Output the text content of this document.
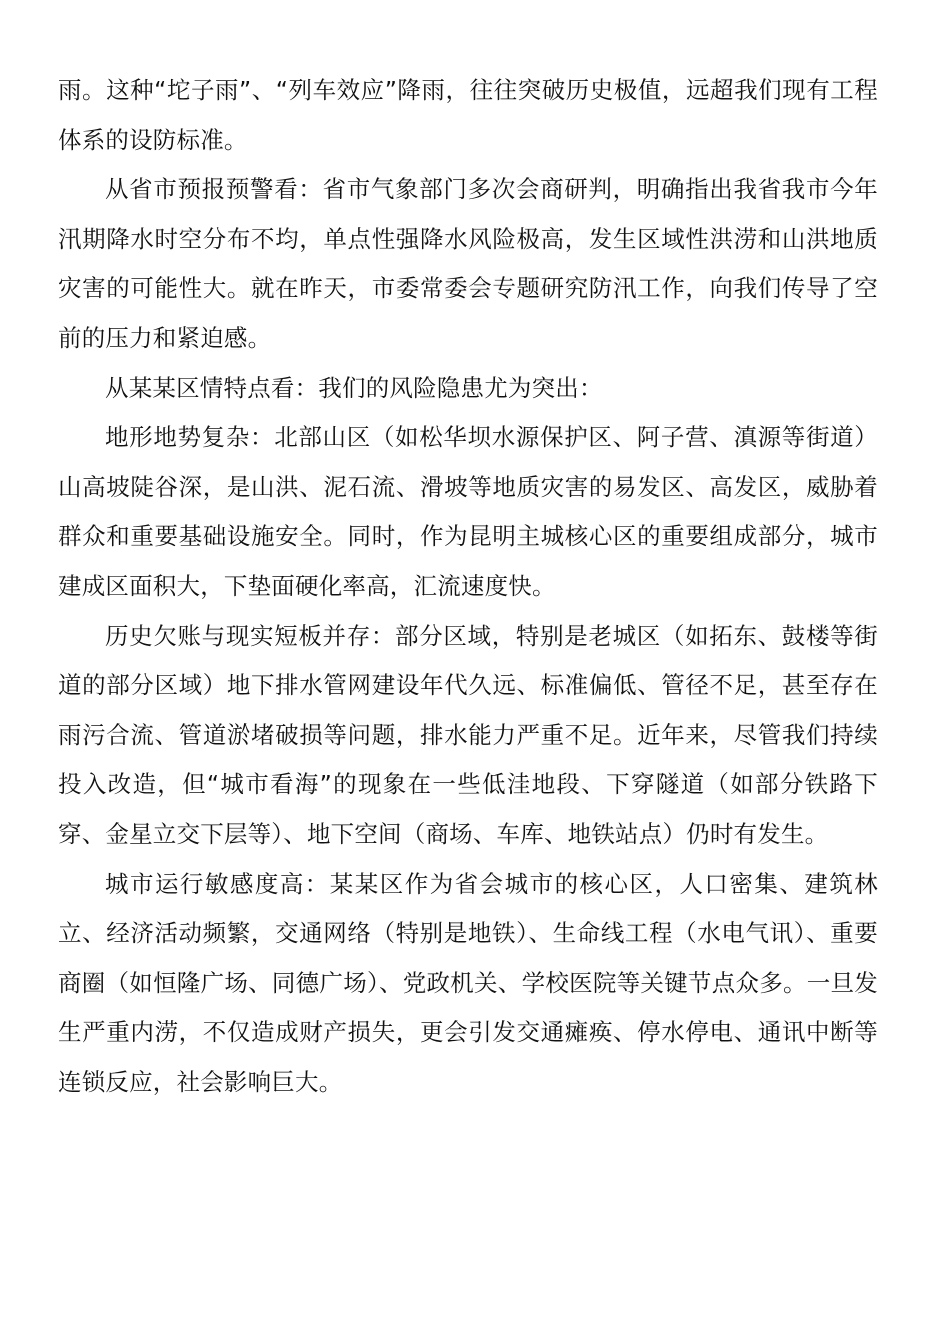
雨。这种“坨子雨”、“列车效应”降雨，往往突破历史极值，远超我们现有工程体系的设防标准。

从省市预报预警看：省市气象部门多次会商研判，明确指出我省我市今年汛期降水时空分布不均，单点性强降水风险极高，发生区域性洪涝和山洪地质灾害的可能性大。就在昨天，市委常委会专题研究防汛工作，向我们传导了空前的压力和紧迫感。

从某某区情特点看：我们的风险隐患尤为突出：

地形地势复杂：北部山区（如松华坝水源保护区、阿子营、滇源等街道）山高坡陡谷深，是山洪、泥石流、滑坡等地质灾害的易发区、高发区，威胁着群众和重要基础设施安全。同时，作为昆明主城核心区的重要组成部分，城市建成区面积大，下垫面硬化率高，汇流速度快。

历史欠账与现实短板并存：部分区域，特别是老城区（如拓东、鼓楼等街道的部分区域）地下排水管网建设年代久远、标准偏低、管径不足，甚至存在雨污合流、管道淤堵破损等问题，排水能力严重不足。近年来，尽管我们持续投入改造，但“城市看海”的现象在一些低洼地段、下穿隧道（如部分铁路下穿、金星立交下层等）、地下空间（商场、车库、地铁站点）仍时有发生。

城市运行敏感度高：某某区作为省会城市的核心区，人口密集、建筑林立、经济活动频繁，交通网络（特别是地铁）、生命线工程（水电气讯）、重要商圈（如恒隆广场、同德广场）、党政机关、学校医院等关键节点众多。一旦发生严重内涝，不仅造成财产损失，更会引发交通瘫痪、停水停电、通讯中断等连锁反应，社会影响巨大。
